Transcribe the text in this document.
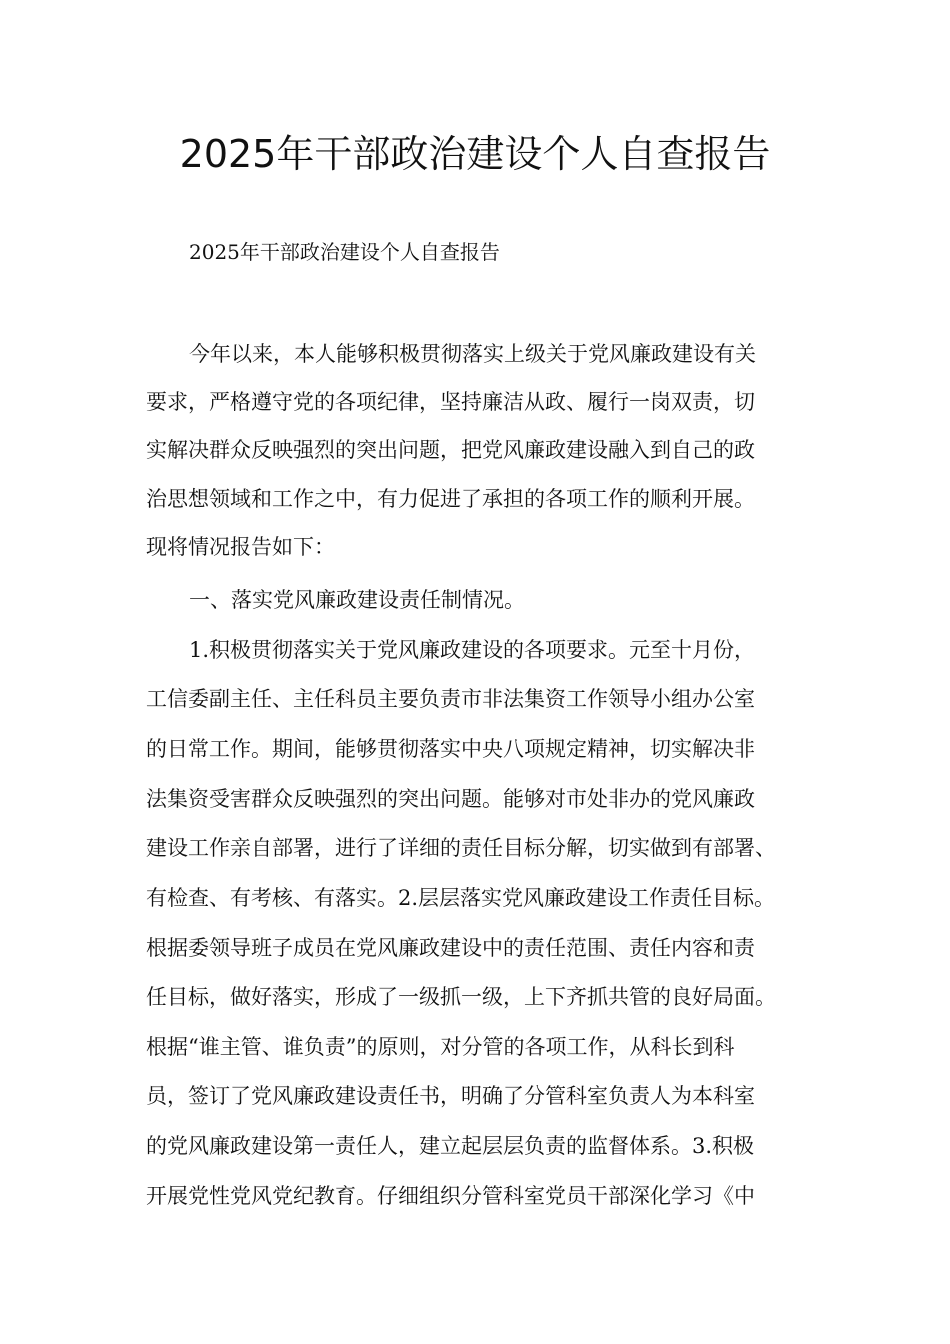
2025年干部政治建设个人自查报告
2025年干部政治建设个人自查报告
今年以来，本人能够积极贯彻落实上级关于党风廉政建设有关
要求，严格遵守党的各项纪律，坚持廉洁从政、履行一岗双责，切
实解决群众反映强烈的突出问题，把党风廉政建设融入到自己的政
治思想领域和工作之中，有力促进了承担的各项工作的顺利开展。
现将情况报告如下：
一、落实党风廉政建设责任制情况。
1.积极贯彻落实关于党风廉政建设的各项要求。元至十月份，
工信委副主任、主任科员主要负责市非法集资工作领导小组办公室
的日常工作。期间，能够贯彻落实中央八项规定精神，切实解决非
法集资受害群众反映强烈的突出问题。能够对市处非办的党风廉政
建设工作亲自部署，进行了详细的责任目标分解，切实做到有部署、
有检查、有考核、有落实。2.层层落实党风廉政建设工作责任目标。
根据委领导班子成员在党风廉政建设中的责任范围、责任内容和责
任目标，做好落实，形成了一级抓一级，上下齐抓共管的良好局面。
根据“谁主管、谁负责”的原则，对分管的各项工作，从科长到科
员，签订了党风廉政建设责任书，明确了分管科室负责人为本科室
的党风廉政建设第一责任人，建立起层层负责的监督体系。3.积极
开展党性党风党纪教育。仔细组织分管科室党员干部深化学习《中
